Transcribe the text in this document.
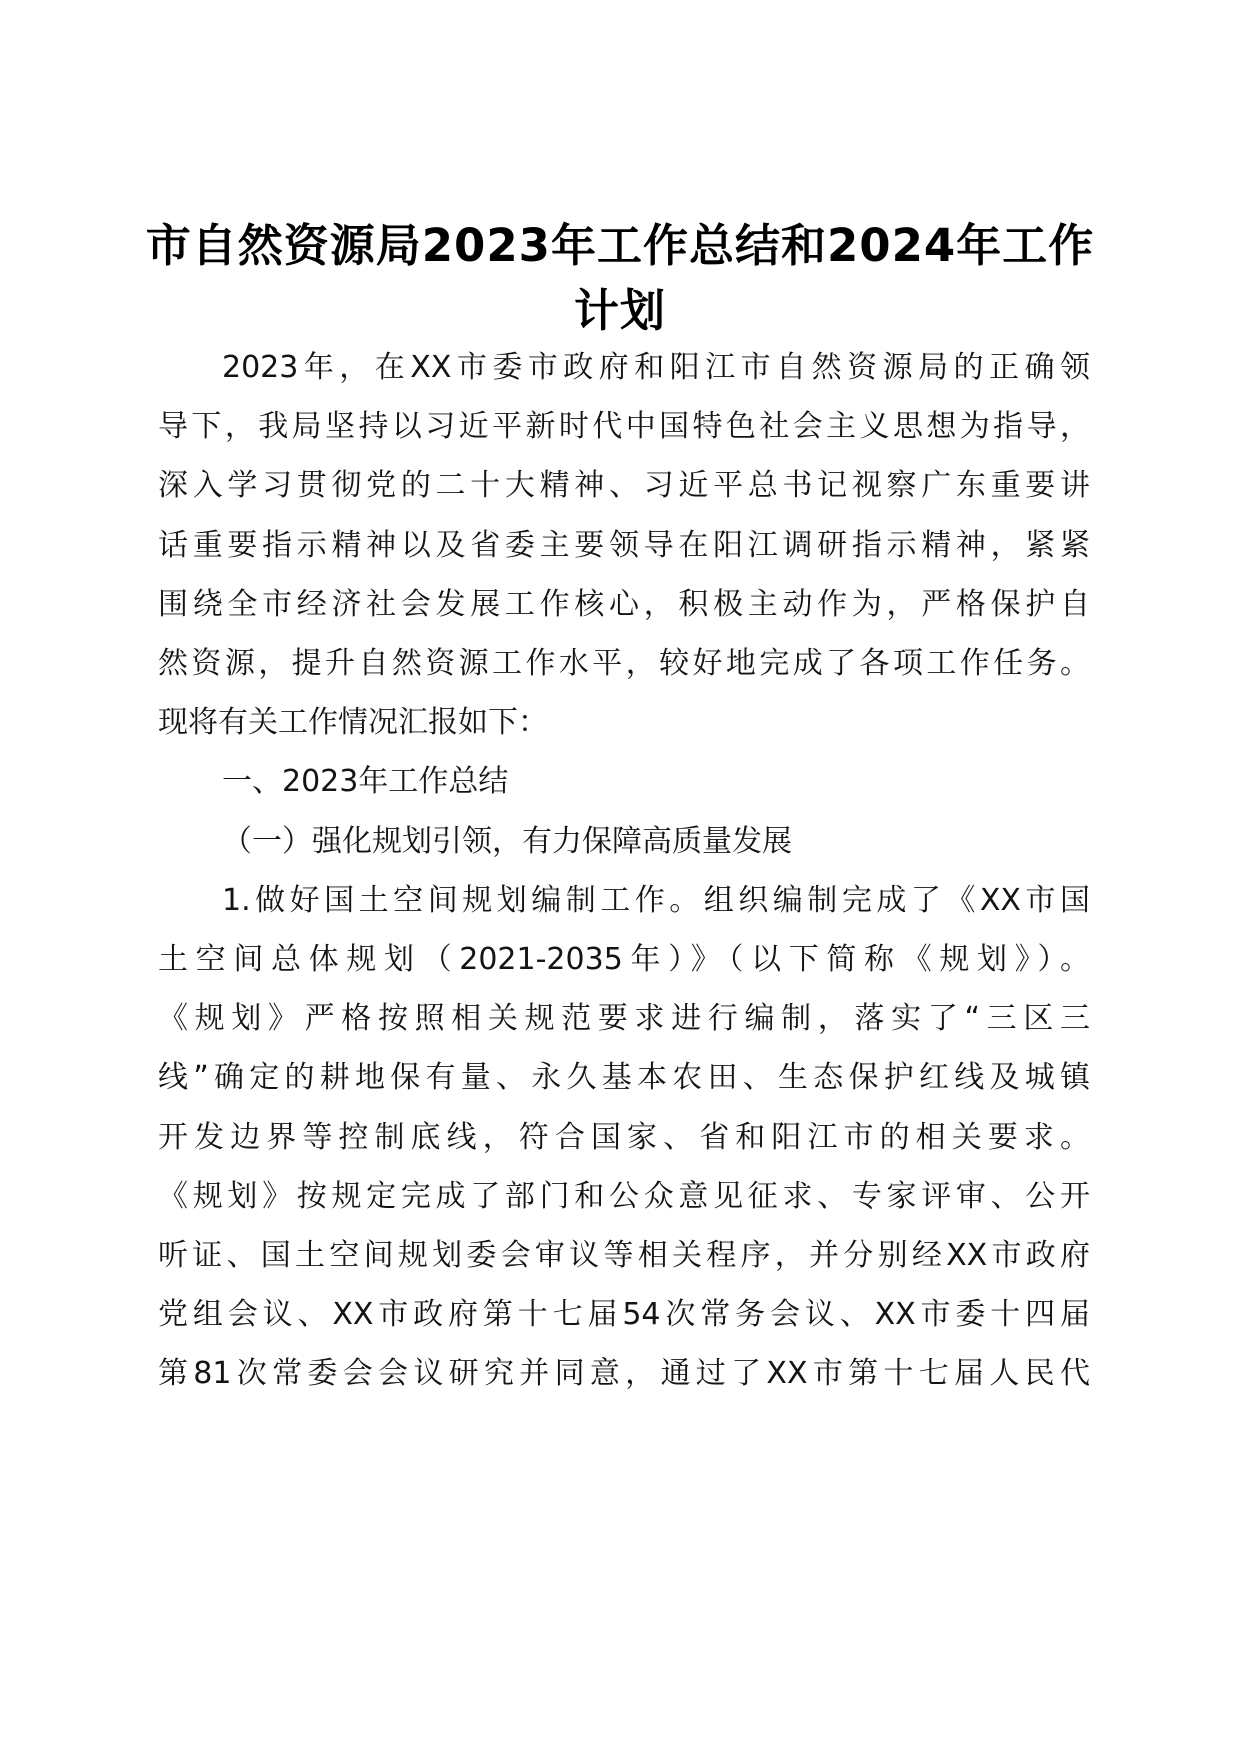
市自然资源局2023年工作总结和2024年工作
计划
2023年，在XX市委市政府和阳江市自然资源局的正确领
导下，我局坚持以习近平新时代中国特色社会主义思想为指导，
深入学习贯彻党的二十大精神、习近平总书记视察广东重要讲
话重要指示精神以及省委主要领导在阳江调研指示精神，紧紧
围绕全市经济社会发展工作核心，积极主动作为，严格保护自
然资源，提升自然资源工作水平，较好地完成了各项工作任务。
现将有关工作情况汇报如下：
一、2023年工作总结
（一）强化规划引领，有力保障高质量发展
1.做好国土空间规划编制工作。组织编制完成了《XX市国
土空间总体规划（2021-2035年）》（以下简称《规划》）。
《规划》严格按照相关规范要求进行编制，落实了“三区三
线”确定的耕地保有量、永久基本农田、生态保护红线及城镇
开发边界等控制底线，符合国家、省和阳江市的相关要求。
《规划》按规定完成了部门和公众意见征求、专家评审、公开
听证、国土空间规划委会审议等相关程序，并分别经XX市政府
党组会议、XX市政府第十七届54次常务会议、XX市委十四届
第81次常委会会议研究并同意，通过了XX市第十七届人民代
